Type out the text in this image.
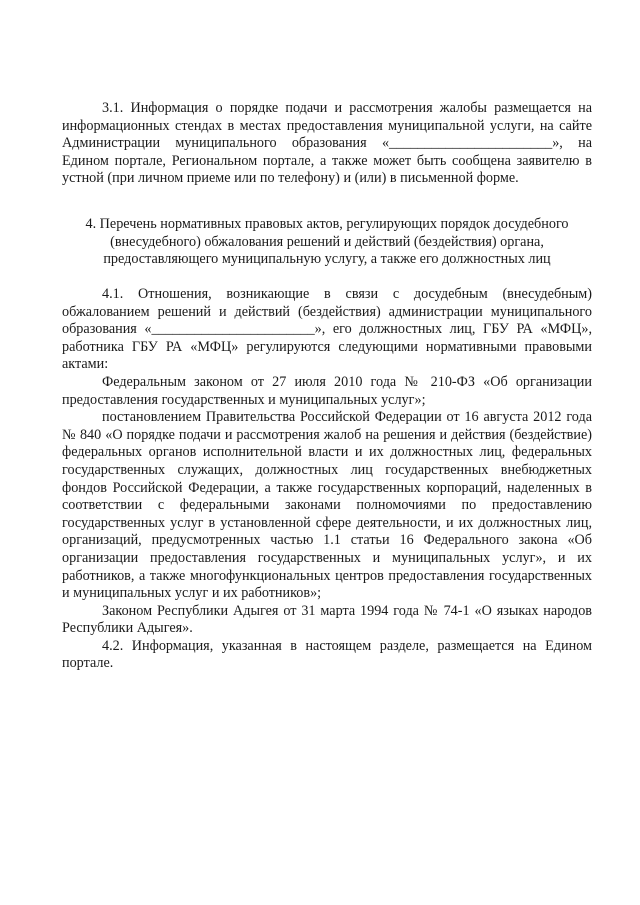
3.1. Информация о порядке подачи и рассмотрения жалобы размещается на информационных стендах в местах предоставления муниципальной услуги, на сайте Администрации муниципального образования «_______________________», на Едином портале, Региональном портале, а также может быть сообщена заявителю в устной (при личном приеме или по телефону) и (или) в письменной форме.

4. Перечень нормативных правовых актов, регулирующих порядок досудебного (внесудебного) обжалования решений и действий (бездействия) органа, предоставляющего муниципальную услугу, а также его должностных лиц

4.1. Отношения, возникающие в связи с досудебным (внесудебным) обжалованием решений и действий (бездействия) администрации муниципального образования «_______________________», его должностных лиц, ГБУ РА «МФЦ», работника ГБУ РА «МФЦ» регулируются следующими нормативными правовыми актами:

Федеральным законом от 27 июля 2010 года № 210-ФЗ «Об организации предоставления государственных и муниципальных услуг»;

постановлением Правительства Российской Федерации от 16 августа 2012 года № 840 «О порядке подачи и рассмотрения жалоб на решения и действия (бездействие) федеральных органов исполнительной власти и их должностных лиц, федеральных государственных служащих, должностных лиц государственных внебюджетных фондов Российской Федерации, а также государственных корпораций, наделенных в соответствии с федеральными законами полномочиями по предоставлению государственных услуг в установленной сфере деятельности, и их должностных лиц, организаций, предусмотренных частью 1.1 статьи 16 Федерального закона «Об организации предоставления государственных и муниципальных услуг», и их работников, а также многофункциональных центров предоставления государственных и муниципальных услуг и их работников»;

Законом Республики Адыгея от 31 марта 1994 года № 74-1 «О языках народов Республики Адыгея».

4.2. Информация, указанная в настоящем разделе, размещается на Едином портале.
